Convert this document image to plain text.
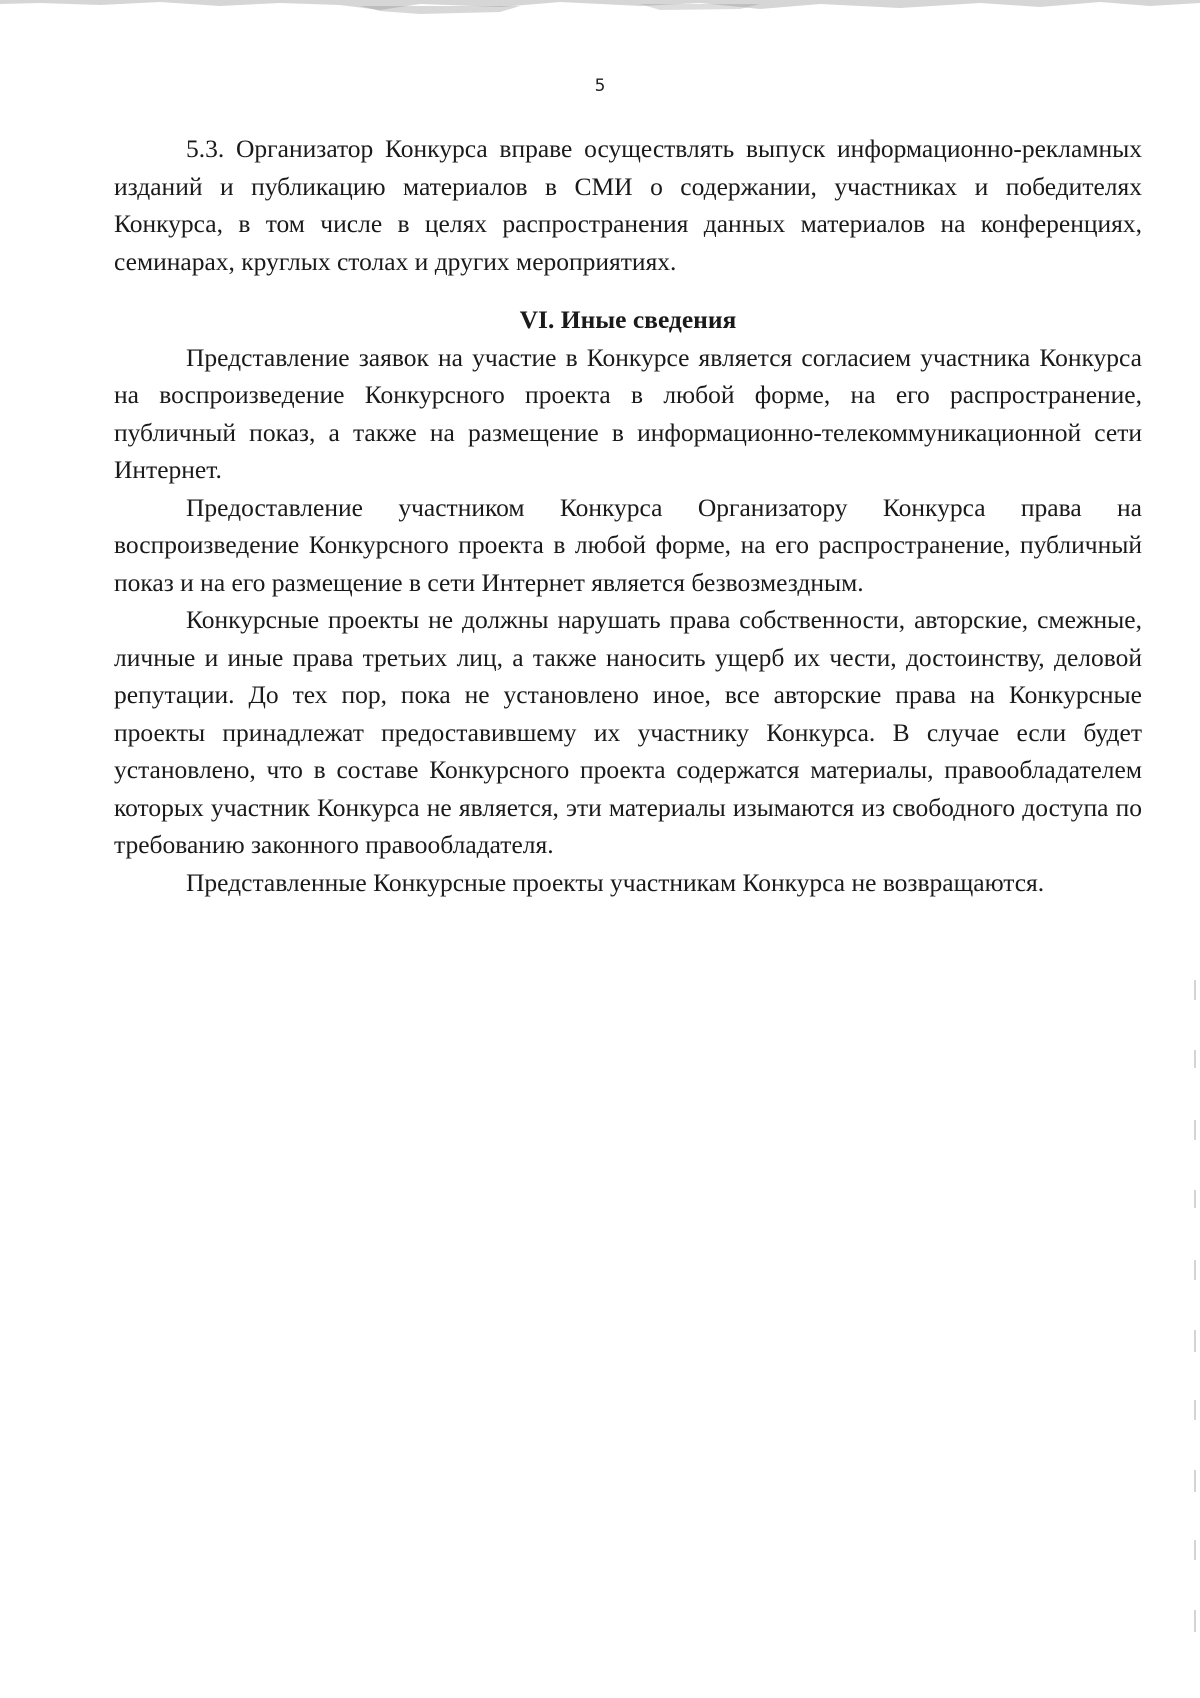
5

5.3. Организатор Конкурса вправе осуществлять выпуск информационно-рекламных изданий и публикацию материалов в СМИ о содержании, участниках и победителях Конкурса, в том числе в целях распространения данных материалов на конференциях, семинарах, круглых столах и других мероприятиях.

VI. Иные сведения

Представление заявок на участие в Конкурсе является согласием участника Конкурса на воспроизведение Конкурсного проекта в любой форме, на его распространение, публичный показ, а также на размещение в информационно-телекоммуникационной сети Интернет.

Предоставление участником Конкурса Организатору Конкурса права на воспроизведение Конкурсного проекта в любой форме, на его распространение, публичный показ и на его размещение в сети Интернет является безвозмездным.

Конкурсные проекты не должны нарушать права собственности, авторские, смежные, личные и иные права третьих лиц, а также наносить ущерб их чести, достоинству, деловой репутации. До тех пор, пока не установлено иное, все авторские права на Конкурсные проекты принадлежат предоставившему их участнику Конкурса. В случае если будет установлено, что в составе Конкурсного проекта содержатся материалы, правообладателем которых участник Конкурса не является, эти материалы изымаются из свободного доступа по требованию законного правообладателя.

Представленные Конкурсные проекты участникам Конкурса не возвращаются.
